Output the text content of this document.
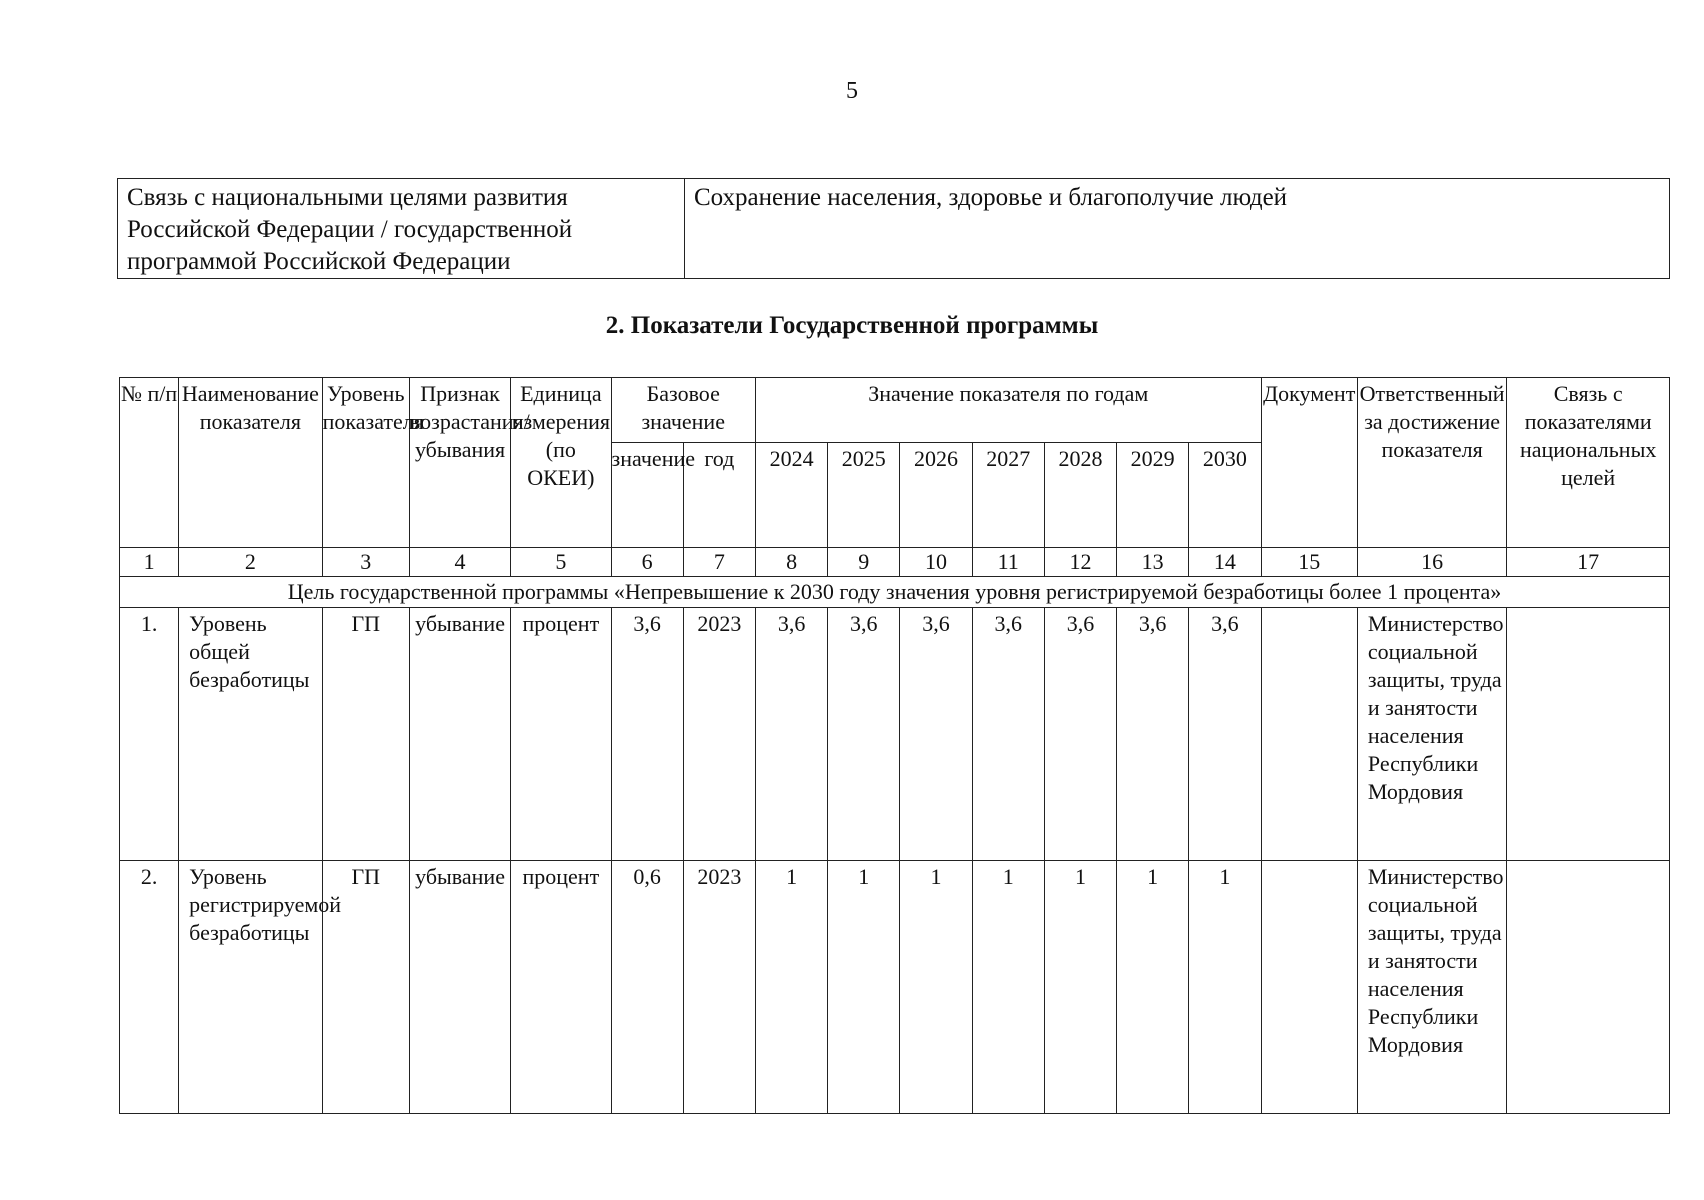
5
Связь с национальными целями развития Российской Федерации / государственной программой Российской Федерации	Сохранение населения, здоровье и благополучие людей
2. Показатели Государственной программы
№ п/п	Наименование показателя	Уровень показателя	Признак возрастания/ убывания	Единица измерения (по ОКЕИ)	Базовое значение		Значение показателя по годам							Документ	Ответственный за достижение показателя	Связь с показателями национальных целей
					значение	год	2024	2025	2026	2027	2028	2029	2030			
1	2	3	4	5	6	7	8	9	10	11	12	13	14	15	16	17
Цель государственной программы «Непревышение к 2030 году значения уровня регистрируемой безработицы более 1 процента»																
1.	Уровень общей безработицы	ГП	убывание	процент	3,6	2023	3,6	3,6	3,6	3,6	3,6	3,6	3,6		Министерство социальной защиты, труда и занятости населения Республики Мордовия	
2.	Уровень регистрируемой безработицы	ГП	убывание	процент	0,6	2023	1	1	1	1	1	1	1		Министерство социальной защиты, труда и занятости населения Республики Мордовия	
